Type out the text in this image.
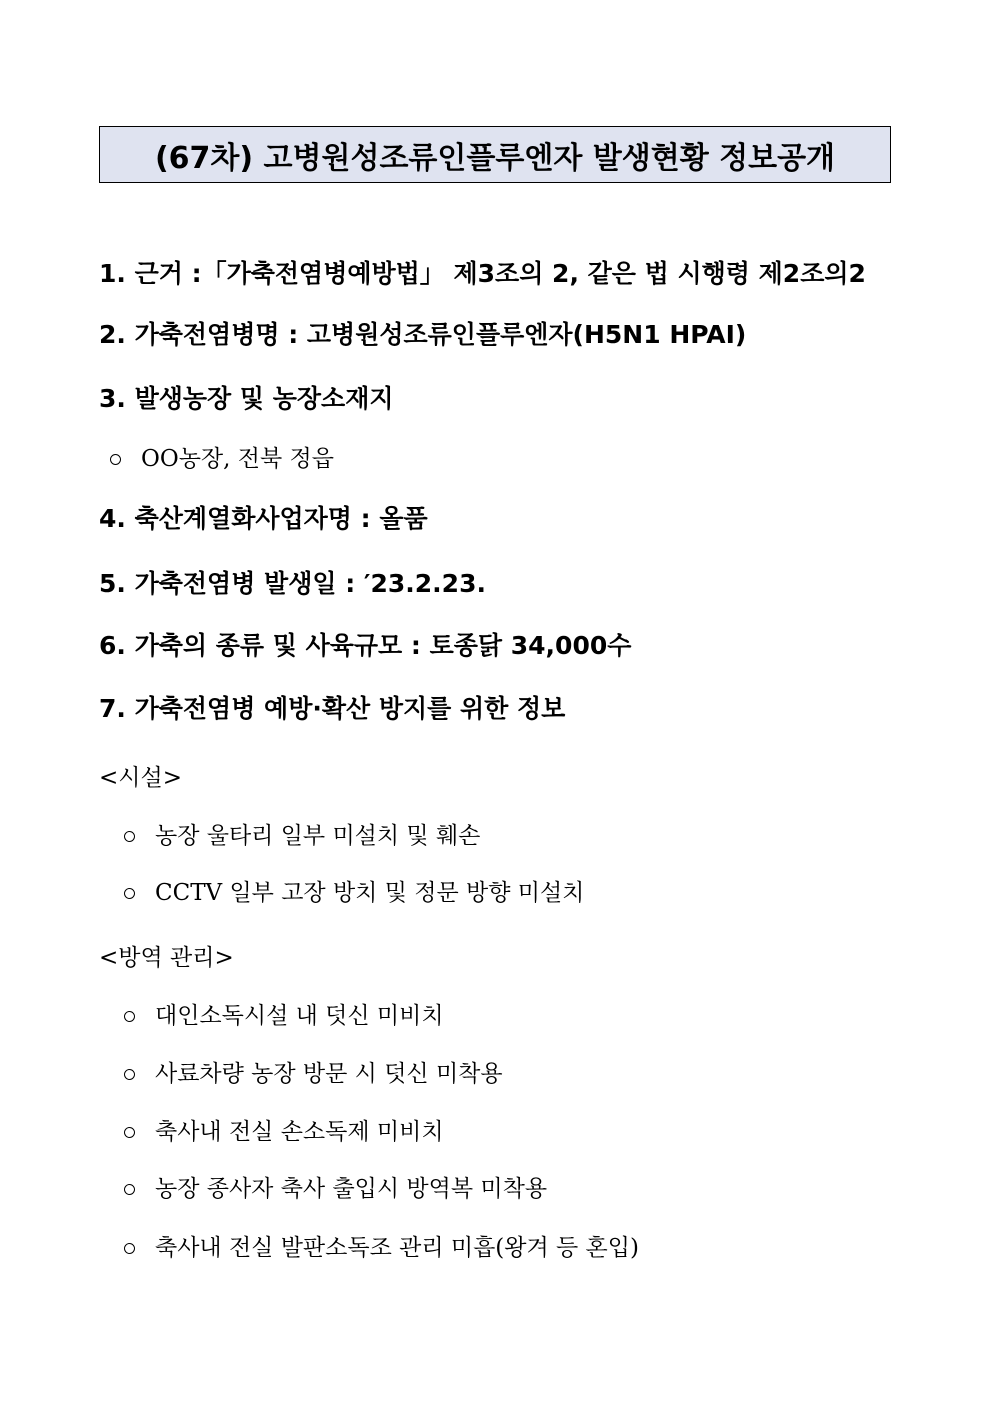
(67차) 고병원성조류인플루엔자 발생현황 정보공개
1. 근거 :「가축전염병예방법」 제3조의 2, 같은 법 시행령 제2조의2
2. 가축전염병명 : 고병원성조류인플루엔자(H5N1 HPAI)
3. 발생농장 및 농장소재지
OO농장, 전북 정읍
4. 축산계열화사업자명 : 올품
5. 가축전염병 발생일 : ′23.2.23.
6. 가축의 종류 및 사육규모 : 토종닭 34,000수
7. 가축전염병 예방·확산 방지를 위한 정보
<시설>
농장 울타리 일부 미설치 및 훼손
CCTV 일부 고장 방치 및 정문 방향 미설치
<방역 관리>
대인소독시설 내 덧신 미비치
사료차량 농장 방문 시 덧신 미착용
축사내 전실 손소독제 미비치
농장 종사자 축사 출입시 방역복 미착용
축사내 전실 발판소독조 관리 미흡(왕겨 등 혼입)
